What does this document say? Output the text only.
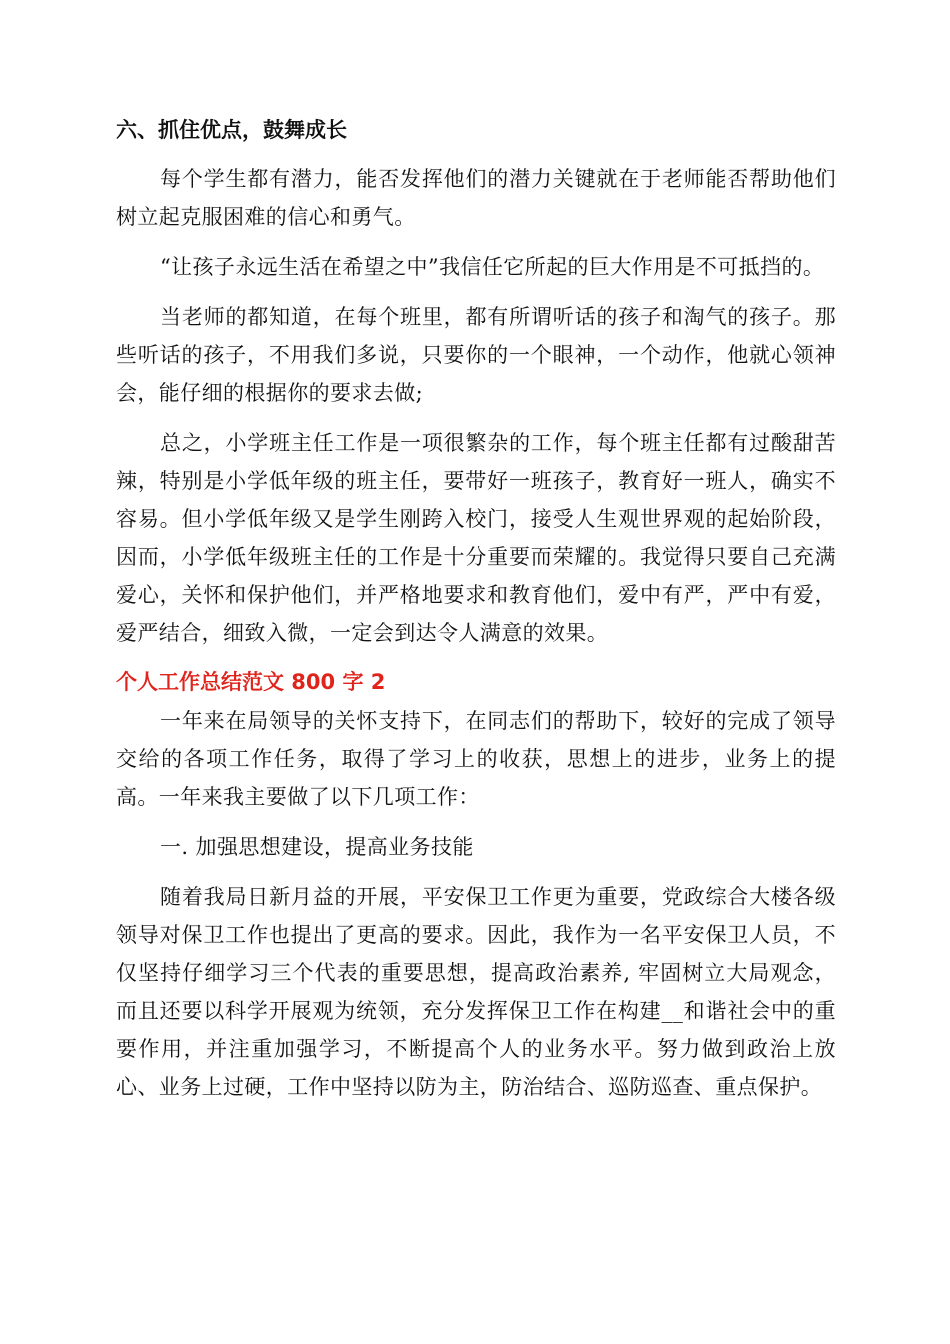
六、抓住优点，鼓舞成长

每个学生都有潜力，能否发挥他们的潜力关键就在于老师能否帮助他们树立起克服困难的信心和勇气。

“让孩子永远生活在希望之中”我信任它所起的巨大作用是不可抵挡的。

当老师的都知道，在每个班里，都有所谓听话的孩子和淘气的孩子。那些听话的孩子，不用我们多说，只要你的一个眼神，一个动作，他就心领神会，能仔细的根据你的要求去做;

总之，小学班主任工作是一项很繁杂的工作，每个班主任都有过酸甜苦辣，特别是小学低年级的班主任，要带好一班孩子，教育好一班人，确实不容易。但小学低年级又是学生刚跨入校门，接受人生观世界观的起始阶段，因而，小学低年级班主任的工作是十分重要而荣耀的。我觉得只要自己充满爱心，关怀和保护他们，并严格地要求和教育他们，爱中有严，严中有爱，爱严结合，细致入微，一定会到达令人满意的效果。

个人工作总结范文 800 字 2

一年来在局领导的关怀支持下，在同志们的帮助下，较好的完成了领导交给的各项工作任务，取得了学习上的收获，思想上的进步，业务上的提高。一年来我主要做了以下几项工作：

一. 加强思想建设，提高业务技能

随着我局日新月益的开展，平安保卫工作更为重要，党政综合大楼各级领导对保卫工作也提出了更高的要求。因此，我作为一名平安保卫人员，不仅坚持仔细学习三个代表的重要思想，提高政治素养, 牢固树立大局观念，而且还要以科学开展观为统领，充分发挥保卫工作在构建__和谐社会中的重要作用，并注重加强学习，不断提高个人的业务水平。努力做到政治上放心、业务上过硬，工作中坚持以防为主，防治结合、巡防巡查、重点保护。
